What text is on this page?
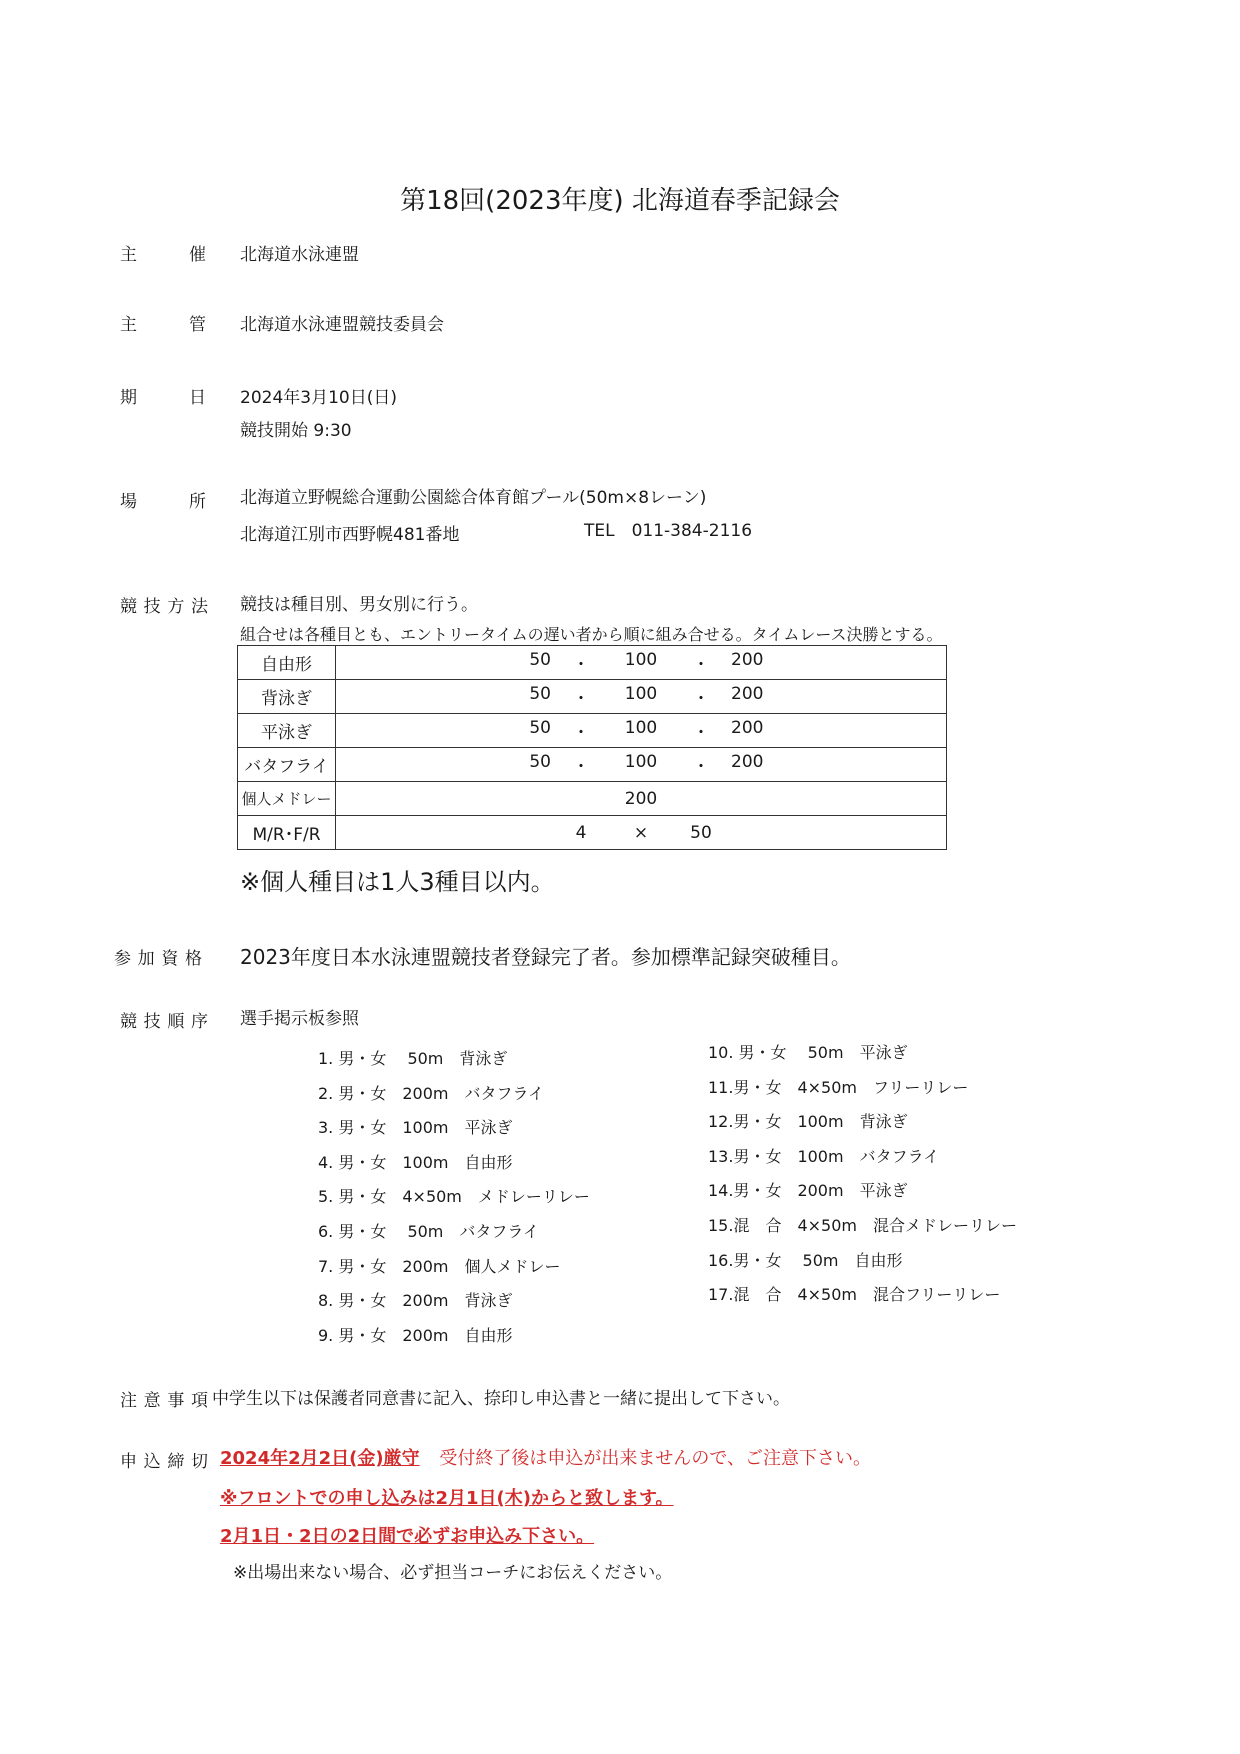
第18回(2023年度) 北海道春季記録会
主	催 北海道水泳連盟
主	管 北海道水泳連盟競技委員会
期	日 2024年3月10日(日)
競技開始 9:30
場	所 北海道立野幌総合運動公園総合体育館プール(50m×8レーン)
北海道江別市西野幌481番地	TEL　011-384-2116
競 技 方 法 競技は種目別、男女別に行う。
組合せは各種目とも、エントリータイムの遅い者から順に組み合せる。タイムレース決勝とする。
自由形	50 ・ 100 ・ 200

背泳ぎ	50 ・ 100 ・ 200

平泳ぎ	50 ・ 100 ・ 200

バタフライ	50 ・ 100 ・ 200

個人メドレー	200
M/R･F/R	4 × 50
※個人種目は1人3種目以内。
参 加 資 格 2023年度日本水泳連盟競技者登録完了者。参加標準記録突破種目。
競 技 順 序 選手掲示板参照
1. 男・女　 50m　背泳ぎ
2. 男・女　200m　バタフライ
3. 男・女　100m　平泳ぎ
4. 男・女　100m　自由形
5. 男・女　4×50m　メドレーリレー
6. 男・女　 50m　バタフライ
7. 男・女　200m　個人メドレー
8. 男・女　200m　背泳ぎ
9. 男・女　200m　自由形
10. 男・女　 50m　平泳ぎ
11.男・女　4×50m　フリーリレー
12.男・女　100m　背泳ぎ
13.男・女　100m　バタフライ
14.男・女　200m　平泳ぎ
15.混　合　4×50m　混合メドレーリレー
16.男・女　 50m　自由形
17.混　合　4×50m　混合フリーリレー
注 意 事 項 中学生以下は保護者同意書に記入、捺印し申込書と一緒に提出して下さい。
申 込 締 切 2024年2月2日(金)厳守 受付終了後は申込が出来ませんので、ご注意下さい。
※フロントでの申し込みは2月1日(木)からと致します。
2月1日・2日の2日間で必ずお申込み下さい。
※出場出来ない場合、必ず担当コーチにお伝えください。
